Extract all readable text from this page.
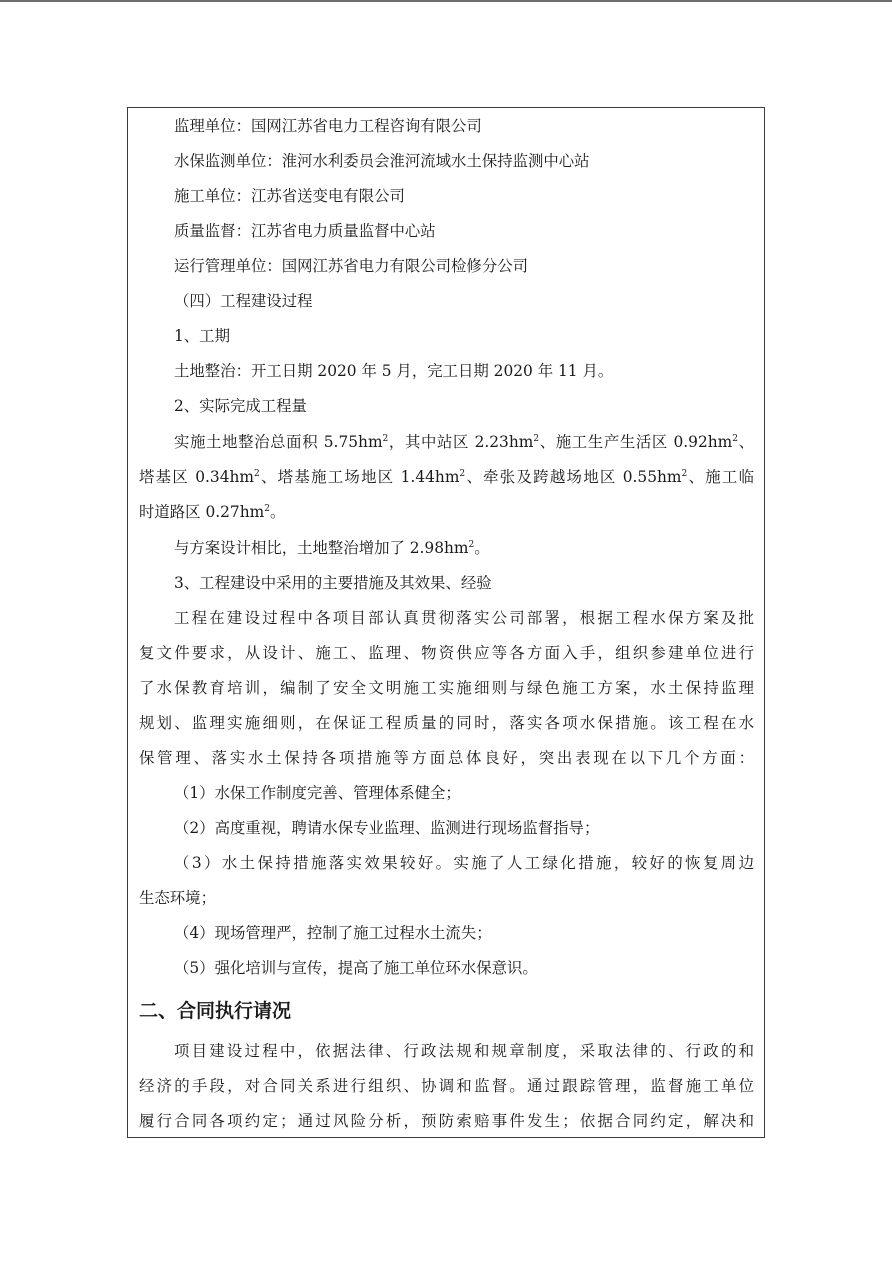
监理单位：国网江苏省电力工程咨询有限公司
水保监测单位：淮河水利委员会淮河流域水土保持监测中心站
施工单位：江苏省送变电有限公司
质量监督：江苏省电力质量监督中心站
运行管理单位：国网江苏省电力有限公司检修分公司
（四）工程建设过程
1、工期
土地整治：开工日期 2020 年 5 月，完工日期 2020 年 11 月。
2、实际完成工程量
实施土地整治总面积 $5.75hm^2$，其中站区 $2.23hm^2$、施工生产生活区 $0.92hm^2$、
塔基区 $0.34hm^2$、塔基施工场地区 $1.44hm^2$、牵张及跨越场地区 $0.55hm^2$、施工临
时道路区 $0.27hm^2$。
与方案设计相比，土地整治增加了 $2.98hm^2$。
3、工程建设中采用的主要措施及其效果、经验
工程在建设过程中各项目部认真贯彻落实公司部署，根据工程水保方案及批
复文件要求，从设计、施工、监理、物资供应等各方面入手，组织参建单位进行
了水保教育培训，编制了安全文明施工实施细则与绿色施工方案，水土保持监理
规划、监理实施细则，在保证工程质量的同时，落实各项水保措施。该工程在水
保管理、落实水土保持各项措施等方面总体良好，突出表现在以下几个方面：
（1）水保工作制度完善、管理体系健全；
（2）高度重视，聘请水保专业监理、监测进行现场监督指导；
（3）水土保持措施落实效果较好。实施了人工绿化措施，较好的恢复周边
生态环境；
（4）现场管理严，控制了施工过程水土流失；
（5）强化培训与宣传，提高了施工单位环水保意识。
二、合同执行请况
项目建设过程中，依据法律、行政法规和规章制度，采取法律的、行政的和
经济的手段，对合同关系进行组织、协调和监督。通过跟踪管理，监督施工单位
履行合同各项约定；通过风险分析，预防索赔事件发生；依据合同约定，解决和
